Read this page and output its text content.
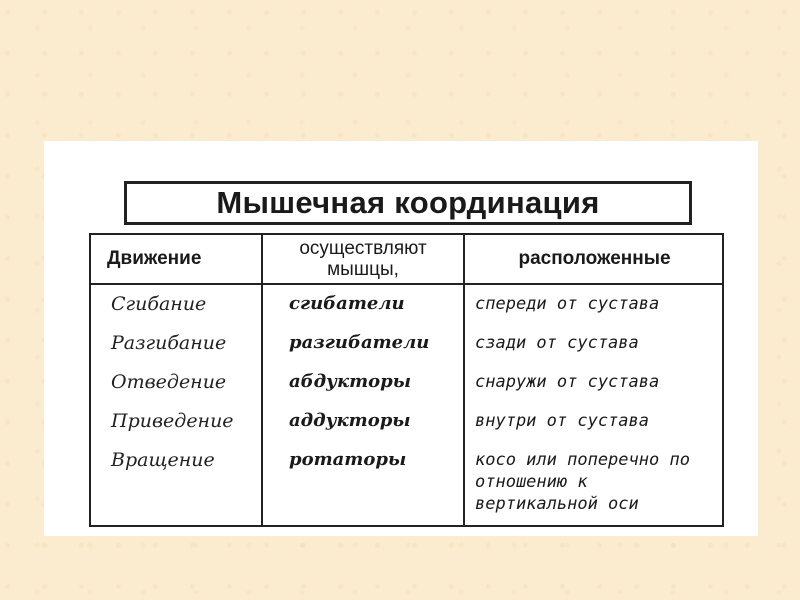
Мышечная координация
Движение	осуществляют мышцы,
расположенные
Сгибание
Разгибание
Отведение
Приведение
Вращение
сгибатели
разгибатели
абдукторы
аддукторы
ротаторы
спереди от сустава
сзади от сустава
снаружи от сустава
внутри от сустава
косо или поперечно по отношению к вертикальной оси
